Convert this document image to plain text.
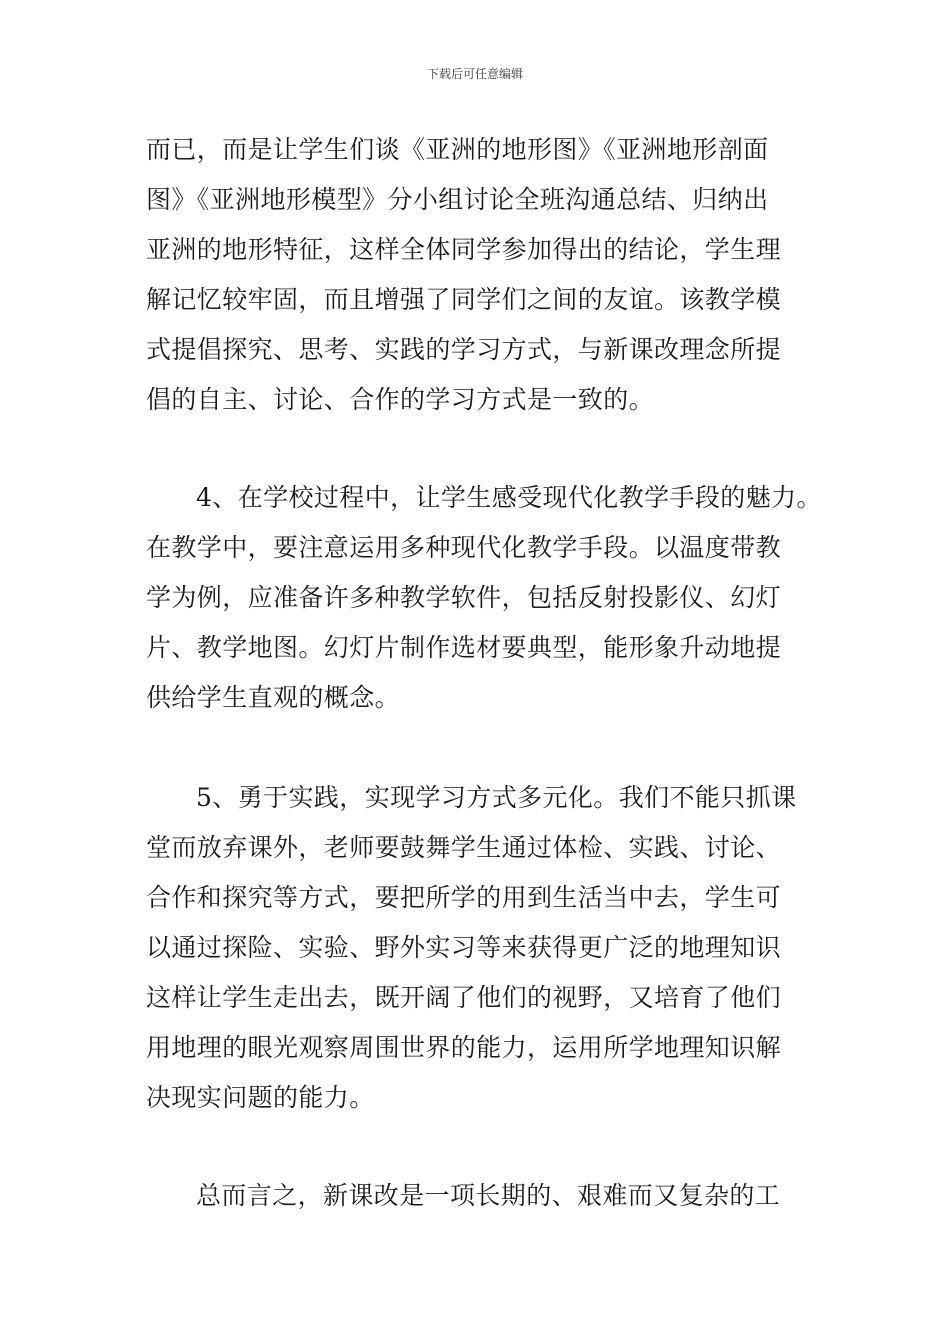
下载后可任意编辑
而已，而是让学生们谈《亚洲的地形图》《亚洲地形剖面
图》《亚洲地形模型》分小组讨论全班沟通总结、归纳出
亚洲的地形特征，这样全体同学参加得出的结论，学生理
解记忆较牢固，而且增强了同学们之间的友谊。该教学模
式提倡探究、思考、实践的学习方式，与新课改理念所提
倡的自主、讨论、合作的学习方式是一致的。
4、在学校过程中，让学生感受现代化教学手段的魅力。
在教学中，要注意运用多种现代化教学手段。以温度带教
学为例，应准备许多种教学软件，包括反射投影仪、幻灯
片、教学地图。幻灯片制作选材要典型，能形象升动地提
供给学生直观的概念。
5、勇于实践，实现学习方式多元化。我们不能只抓课
堂而放弃课外，老师要鼓舞学生通过体检、实践、讨论、
合作和探究等方式，要把所学的用到生活当中去，学生可
以通过探险、实验、野外实习等来获得更广泛的地理知识
这样让学生走出去，既开阔了他们的视野，又培育了他们
用地理的眼光观察周围世界的能力，运用所学地理知识解
决现实问题的能力。
总而言之，新课改是一项长期的、艰难而又复杂的工
